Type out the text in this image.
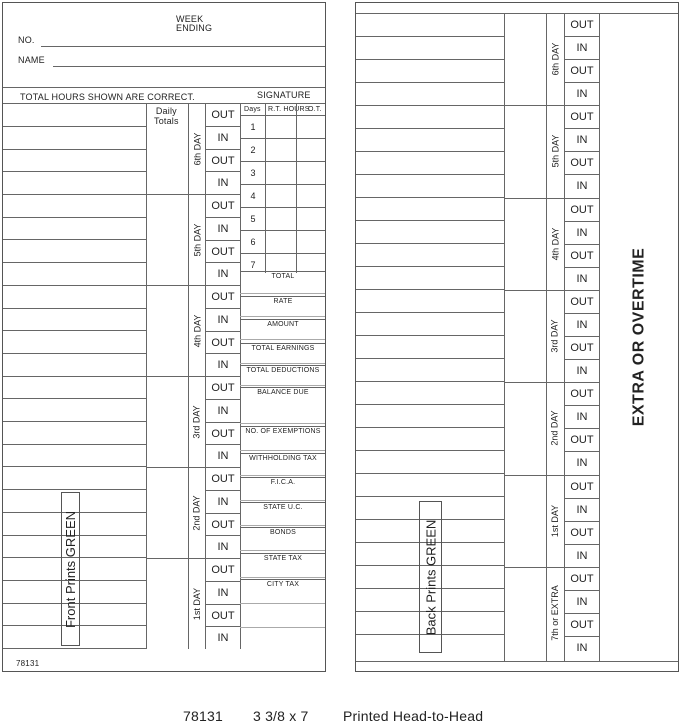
WEEK
ENDING
NO.
NAME
TOTAL HOURS SHOWN ARE CORRECT.	SIGNATURE
Daily
Totals
6th DAY
OUT
IN
OUT
IN
5th DAY
OUT
IN
OUT
IN
4th DAY
OUT
IN
OUT
IN
3rd DAY
OUT
IN
OUT
IN
2nd DAY
OUT
IN
OUT
IN
1st DAY
OUT
IN
OUT
IN
Days R.T. HOURS
O.T.
1
2
3
4
5
6
7
TOTAL
RATE
AMOUNT
TOTAL EARNINGS
TOTAL DEDUCTIONS
BALANCE DUE
NO. OF EXEMPTIONS
WITHHOLDING TAX
F.I.C.A.
STATE U.C.
BONDS
STATE TAX
CITY TAX
Front Prints GREEN
78131
6th DAY
OUT
IN
OUT
IN
5th DAY
OUT
IN
OUT
IN
4th DAY
OUT
IN
OUT
IN
3rd DAY
OUT
IN
OUT
IN
2nd DAY
OUT
IN
OUT
IN
1st DAY
OUT
IN
OUT
IN
7th or EXTRA
OUT
IN
OUT
IN
EXTRA OR OVERTIME
Back Prints GREEN
78131 3 3/8 x 7 Printed Head-to-Head
